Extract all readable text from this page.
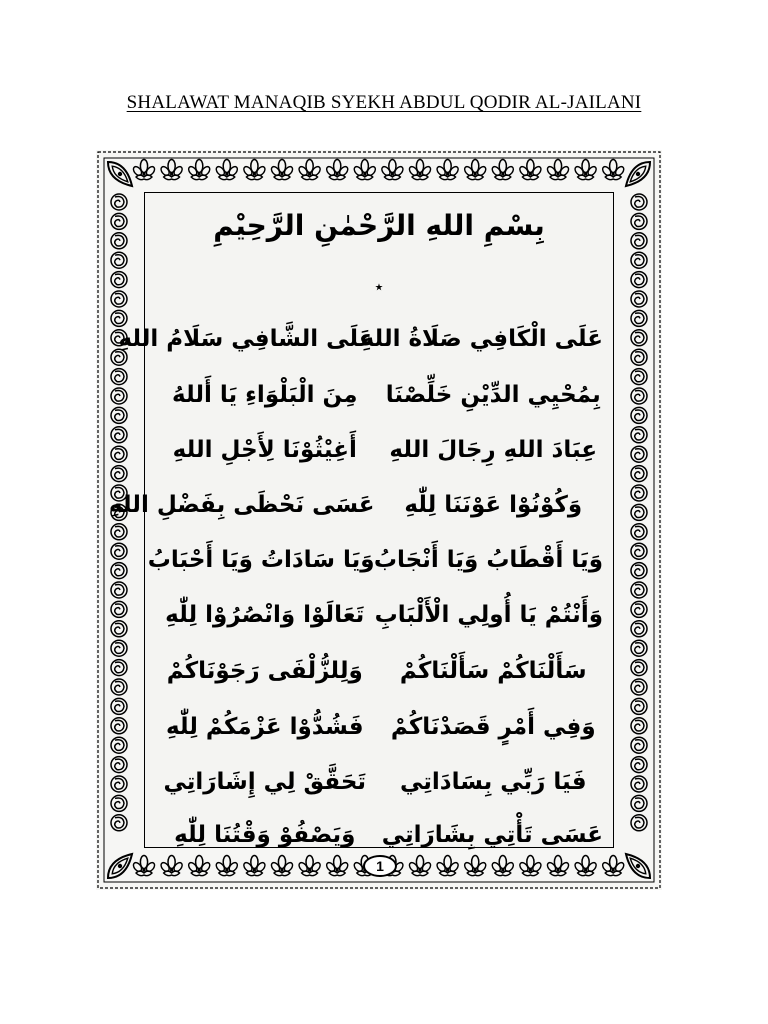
SHALAWAT MANAQIB SYEKH ABDUL QODIR AL-JAILANI
بِسْمِ اللهِ الرَّحْمٰنِ الرَّحِيْمِ
٭
عَلَى الْكَافِي صَلَاةُ اللهِ
عَلَى الشَّافِي سَلَامُ اللهِ
بِمُحْيِي الدِّيْنِ خَلِّصْنَا
مِنَ الْبَلْوَاءِ يَا أَللهُ
عِبَادَ اللهِ رِجَالَ اللهِ
أَغِيْثُوْنَا لِأَجْلِ اللهِ
وَكُوْنُوْا عَوْنَنَا لِلّٰهِ
عَسَى نَحْظَى بِفَضْلِ اللهِ
وَيَا أَقْطَابُ وَيَا أَنْجَابُ
وَيَا سَادَاتُ وَيَا أَحْبَابُ
وَأَنْتُمْ يَا أُولِي الْأَلْبَابِ
تَعَالَوْا وَانْصُرُوْا لِلّٰهِ
سَأَلْنَاكُمْ سَأَلْنَاكُمْ
وَلِلزُّلْفَى رَجَوْنَاكُمْ
وَفِي أَمْرٍ قَصَدْنَاكُمْ
فَشُدُّوْا عَزْمَكُمْ لِلّٰهِ
فَيَا رَبِّي بِسَادَاتِي
تَحَقَّقْ لِي إِشَارَاتِي
عَسَى تَأْتِي بِشَارَاتِي
وَيَصْفُوْ وَقْتُنَا لِلّٰهِ
1
